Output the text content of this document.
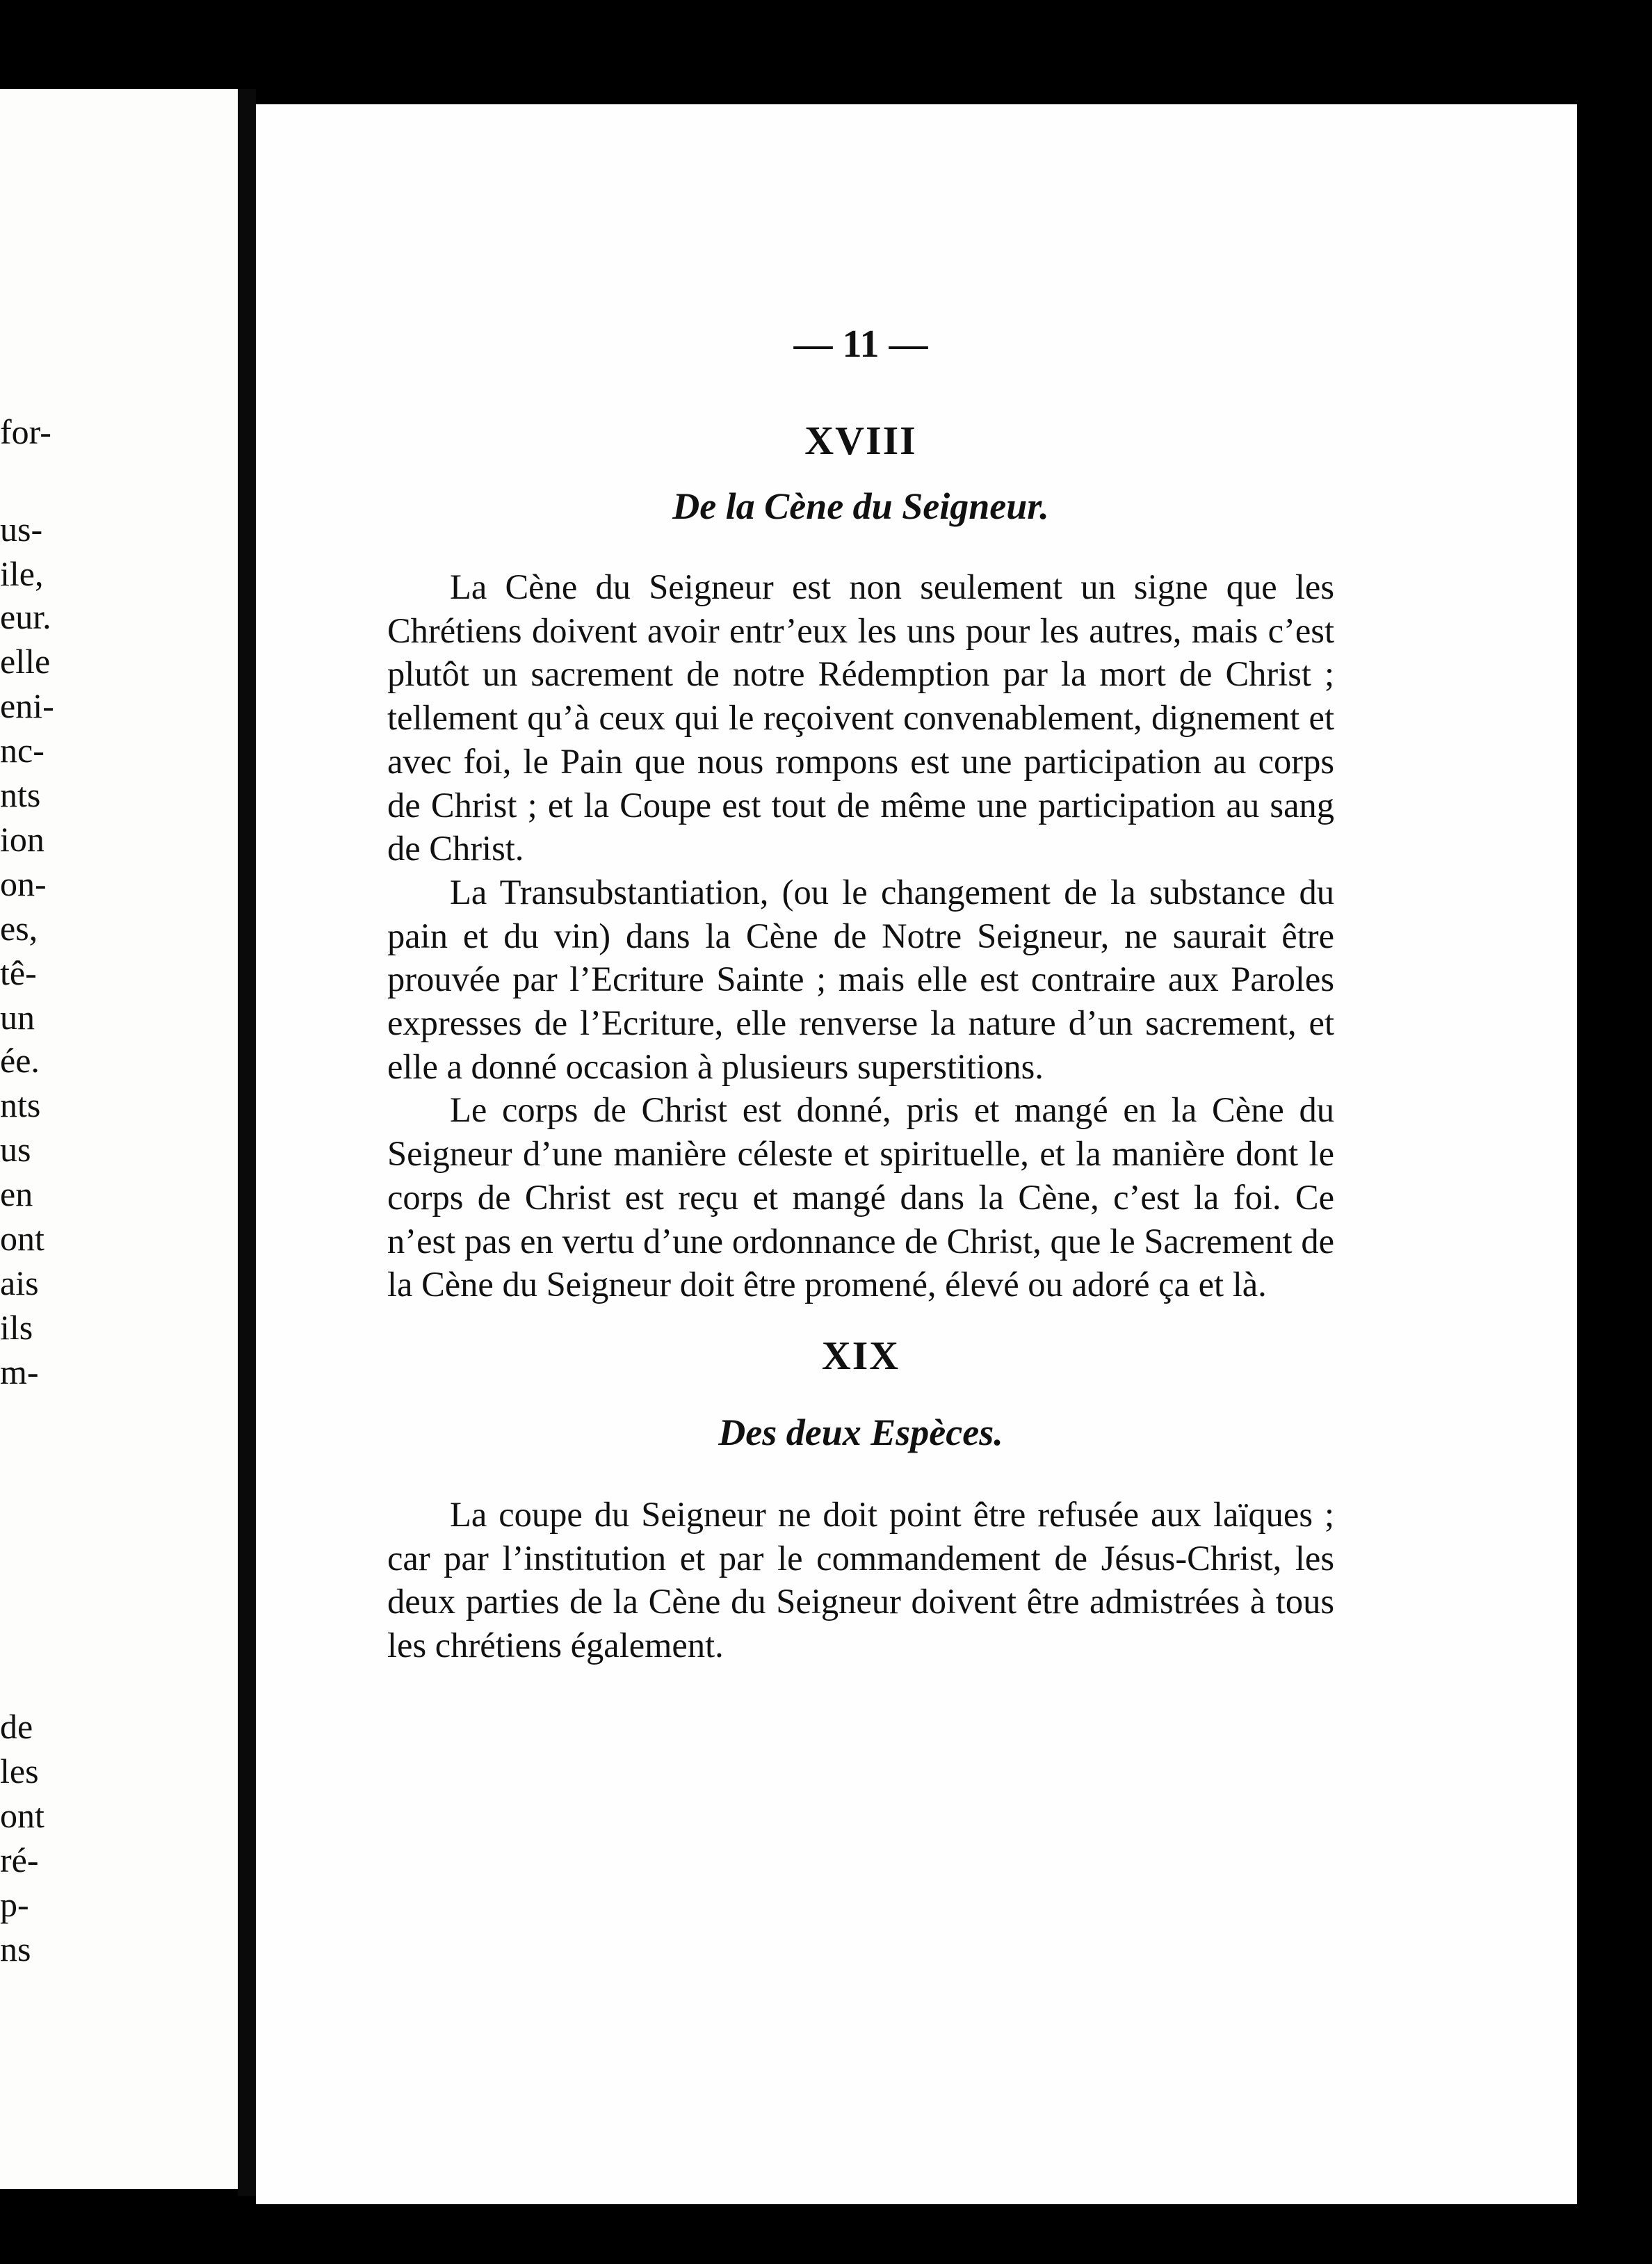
for-
us-
ile,
eur.
elle
eni-
nc-
nts
ion
on-
es,
tê-
un
ée.
nts
us
en
ont
ais
ils
m-
de
les
ont
ré-
p-
ns
— 11 —
XVIII
De la Cène du Seigneur.

La Cène du Seigneur est non seulement un signe que les Chrétiens doivent avoir entr’eux les uns pour les autres, mais c’est plutôt un sacrement de notre Rédemption par la mort de Christ ; tellement qu’à ceux qui le reçoivent convenablement, dignement et avec foi, le Pain que nous rompons est une participation au corps de Christ ; et la Coupe est tout de même une participation au sang de Christ.

La Transubstantiation, (ou le changement de la substance du pain et du vin) dans la Cène de Notre Seigneur, ne saurait être prouvée par l’Ecriture Sainte ; mais elle est contraire aux Paroles expresses de l’Ecriture, elle renverse la nature d’un sacrement, et elle a donné occasion à plusieurs superstitions.

Le corps de Christ est donné, pris et mangé en la Cène du Seigneur d’une manière céleste et spirituelle, et la manière dont le corps de Christ est reçu et mangé dans la Cène, c’est la foi. Ce n’est pas en vertu d’une ordonnance de Christ, que le Sacrement de la Cène du Seigneur doit être promené, élevé ou adoré ça et là.

XIX
Des deux Espèces.

La coupe du Seigneur ne doit point être refusée aux laïques ; car par l’institution et par le commandement de Jésus-Christ, les deux parties de la Cène du Seigneur doivent être admistrées à tous les chrétiens également.
